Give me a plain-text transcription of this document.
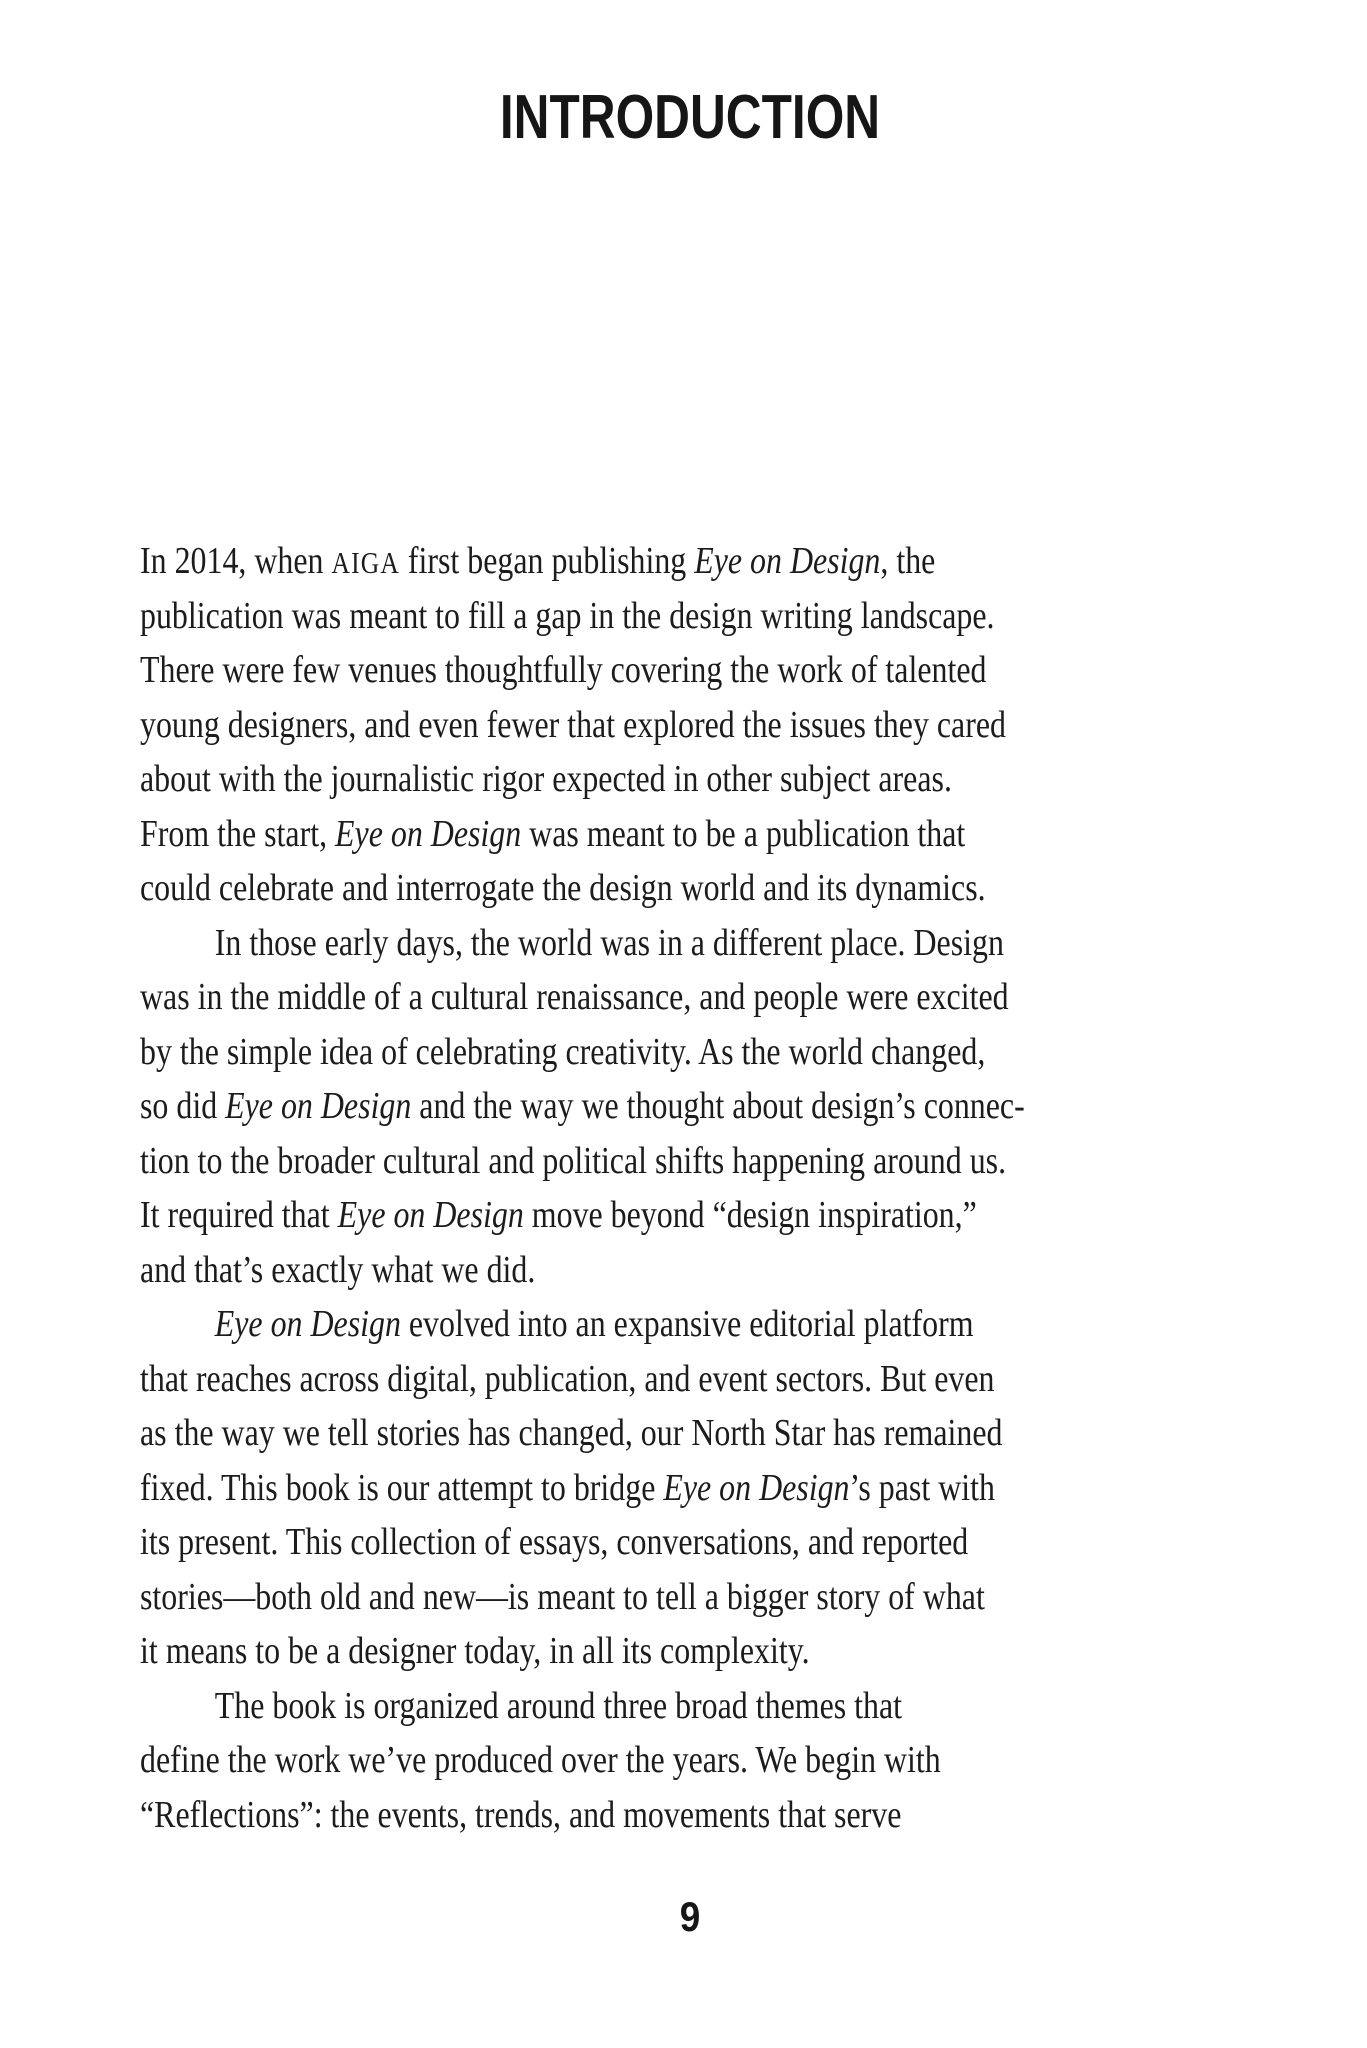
INTRODUCTION
In 2014, when AIGA first began publishing Eye on Design, the
publication was meant to fill a gap in the design writing landscape.
There were few venues thoughtfully covering the work of talented
young designers, and even fewer that explored the issues they cared
about with the journalistic rigor expected in other subject areas.
From the start, Eye on Design was meant to be a publication that
could celebrate and interrogate the design world and its dynamics.
In those early days, the world was in a different place. Design
was in the middle of a cultural renaissance, and people were excited
by the simple idea of celebrating creativity. As the world changed,
so did Eye on Design and the way we thought about design’s connec-
tion to the broader cultural and political shifts happening around us.
It required that Eye on Design move beyond “design inspiration,”
and that’s exactly what we did.
Eye on Design evolved into an expansive editorial platform
that reaches across digital, publication, and event sectors. But even
as the way we tell stories has changed, our North Star has remained
fixed. This book is our attempt to bridge Eye on Design’s past with
its present. This collection of essays, conversations, and reported
stories—both old and new—is meant to tell a bigger story of what
it means to be a designer today, in all its complexity.
The book is organized around three broad themes that
define the work we’ve produced over the years. We begin with
“Reflections”: the events, trends, and movements that serve
9
